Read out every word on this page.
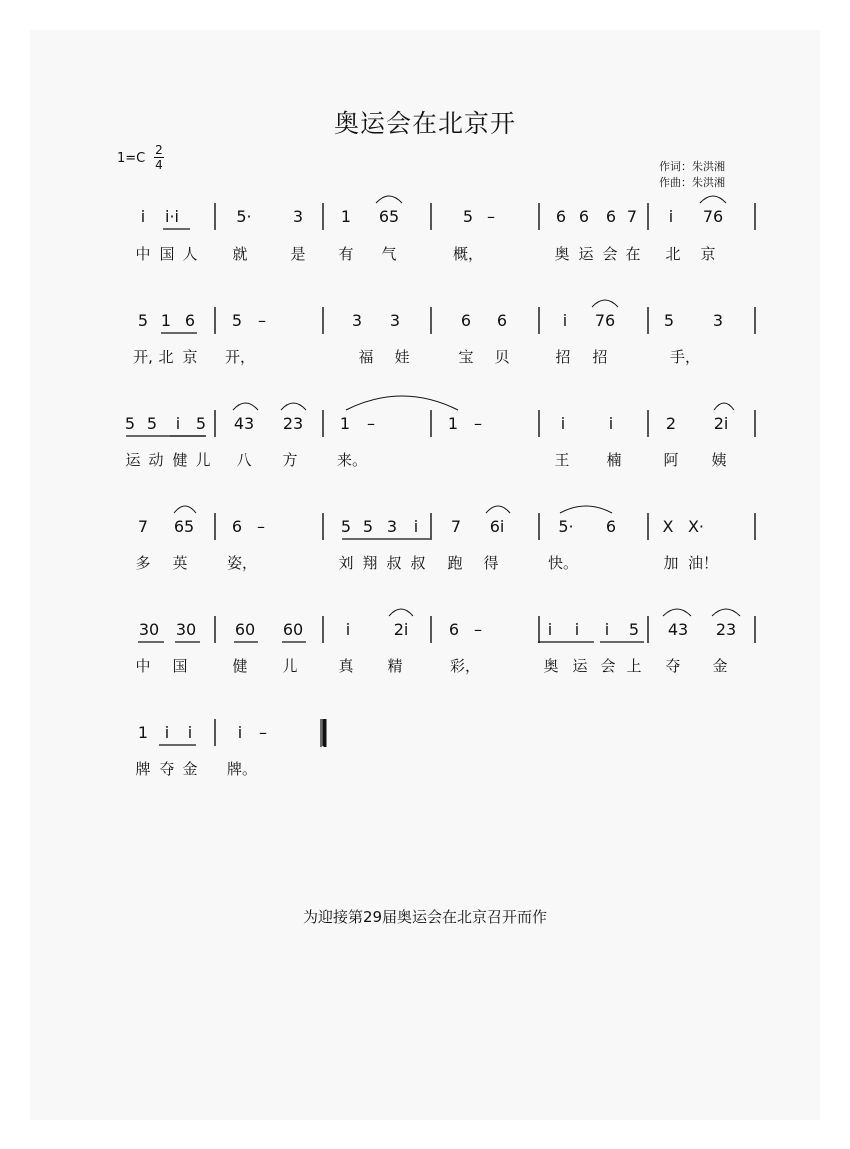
奥运会在北京开
1=C
2
4	作词：朱洪湘
作曲：朱洪湘
i i·i	5·	3 1 65	5 –	6 6 6 7 i 76
中 国 人 就	是 有 气	概，	奥 运 会 在 北 京
5 1 6 5 –	3 3	6 6	i 76	5 3
开, 北 京 开，	福 娃	宝 贝	招 招	手，
5 5 i 5 43 23 1 –	1 –	i	i	2 2i
运 动 健 儿 八 方	来。	王 楠	阿 姨
7 65 6 –	5 5 3 i 7 6i	5· 6	X X·
多 英	姿，	刘 翔 叔 叔 跑 得	快。	加 油！
30 30 60 60	i	2i	6 –	i i i 5 43 23
中 国	健 儿	真 精	彩，	奥 运 会 上 夺 金
1 i i	i –
牌 夺 金 牌。
为迎接第29届奥运会在北京召开而作
